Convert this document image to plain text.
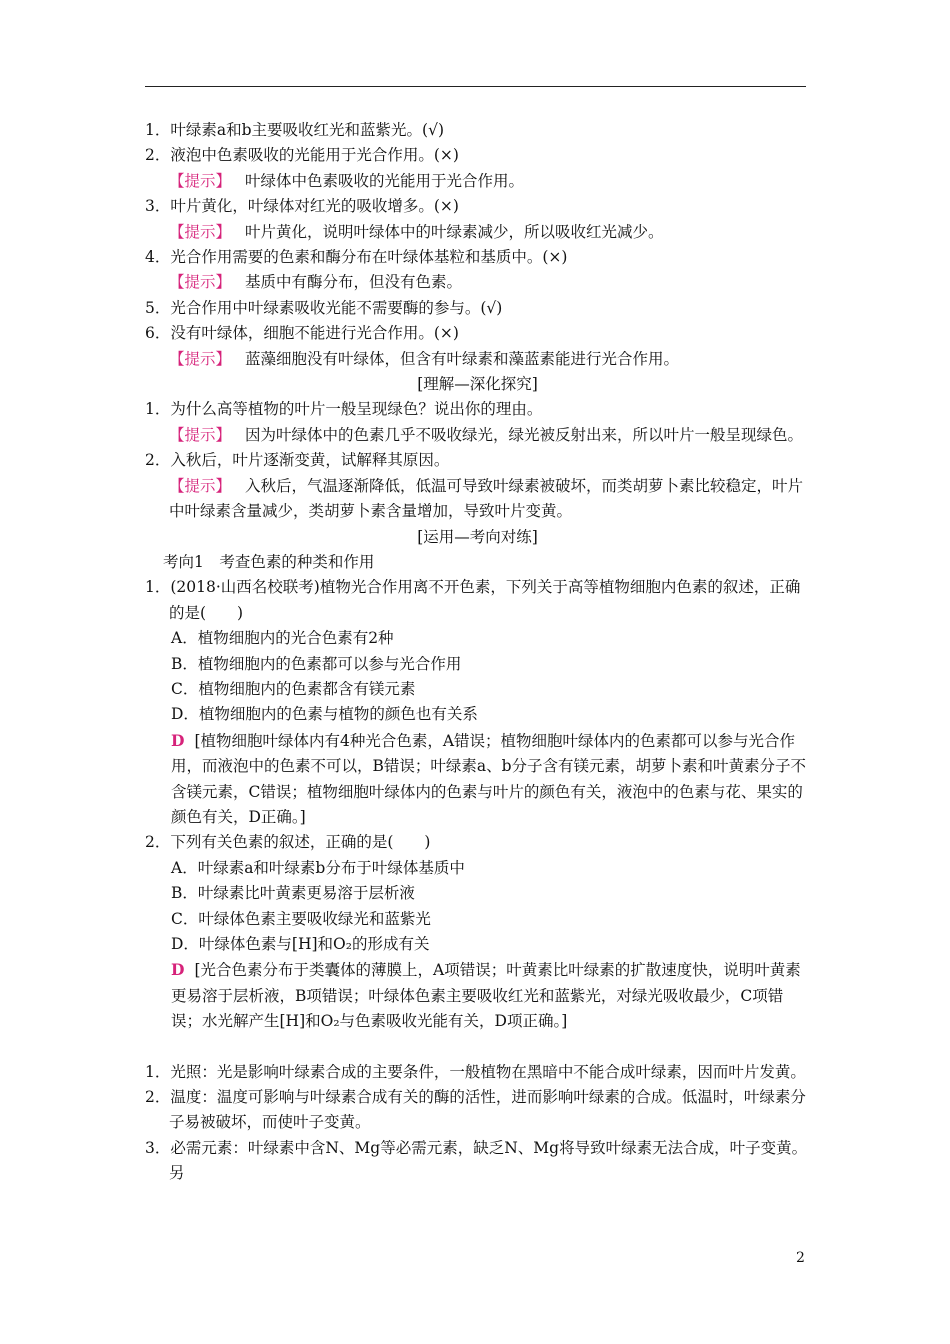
1．叶绿素a和b主要吸收红光和蓝紫光。(√)
2．液泡中色素吸收的光能用于光合作用。(×)
【提示】 叶绿体中色素吸收的光能用于光合作用。
3．叶片黄化，叶绿体对红光的吸收增多。(×)
【提示】 叶片黄化，说明叶绿体中的叶绿素减少，所以吸收红光减少。
4．光合作用需要的色素和酶分布在叶绿体基粒和基质中。(×)
【提示】 基质中有酶分布，但没有色素。
5．光合作用中叶绿素吸收光能不需要酶的参与。(√)
6．没有叶绿体，细胞不能进行光合作用。(×)
【提示】 蓝藻细胞没有叶绿体，但含有叶绿素和藻蓝素能进行光合作用。
[理解—深化探究]
1．为什么高等植物的叶片一般呈现绿色？说出你的理由。
【提示】 因为叶绿体中的色素几乎不吸收绿光，绿光被反射出来，所以叶片一般呈现绿色。
2．入秋后，叶片逐渐变黄，试解释其原因。
【提示】 入秋后，气温逐渐降低，低温可导致叶绿素被破坏，而类胡萝卜素比较稳定，叶片中叶绿素含量减少，类胡萝卜素含量增加，导致叶片变黄。
[运用—考向对练]
考向1　考查色素的种类和作用
1．(2018·山西名校联考)植物光合作用离不开色素，下列关于高等植物细胞内色素的叙述，正确的是(　　)
A．植物细胞内的光合色素有2种
B．植物细胞内的色素都可以参与光合作用
C．植物细胞内的色素都含有镁元素
D．植物细胞内的色素与植物的颜色也有关系
D [植物细胞叶绿体内有4种光合色素，A错误；植物细胞叶绿体内的色素都可以参与光合作用，而液泡中的色素不可以，B错误；叶绿素a、b分子含有镁元素，胡萝卜素和叶黄素分子不含镁元素，C错误；植物细胞叶绿体内的色素与叶片的颜色有关，液泡中的色素与花、果实的颜色有关，D正确。]
2．下列有关色素的叙述，正确的是(　　)
A．叶绿素a和叶绿素b分布于叶绿体基质中
B．叶绿素比叶黄素更易溶于层析液
C．叶绿体色素主要吸收绿光和蓝紫光
D．叶绿体色素与[H]和O₂的形成有关
D [光合色素分布于类囊体的薄膜上，A项错误；叶黄素比叶绿素的扩散速度快，说明叶黄素更易溶于层析液，B项错误；叶绿体色素主要吸收红光和蓝紫光，对绿光吸收最少，C项错误；水光解产生[H]和O₂与色素吸收光能有关，D项正确。]
1．光照：光是影响叶绿素合成的主要条件，一般植物在黑暗中不能合成叶绿素，因而叶片发黄。
2．温度：温度可影响与叶绿素合成有关的酶的活性，进而影响叶绿素的合成。低温时，叶绿素分子易被破坏，而使叶子变黄。
3．必需元素：叶绿素中含N、Mg等必需元素，缺乏N、Mg将导致叶绿素无法合成，叶子变黄。另
2
